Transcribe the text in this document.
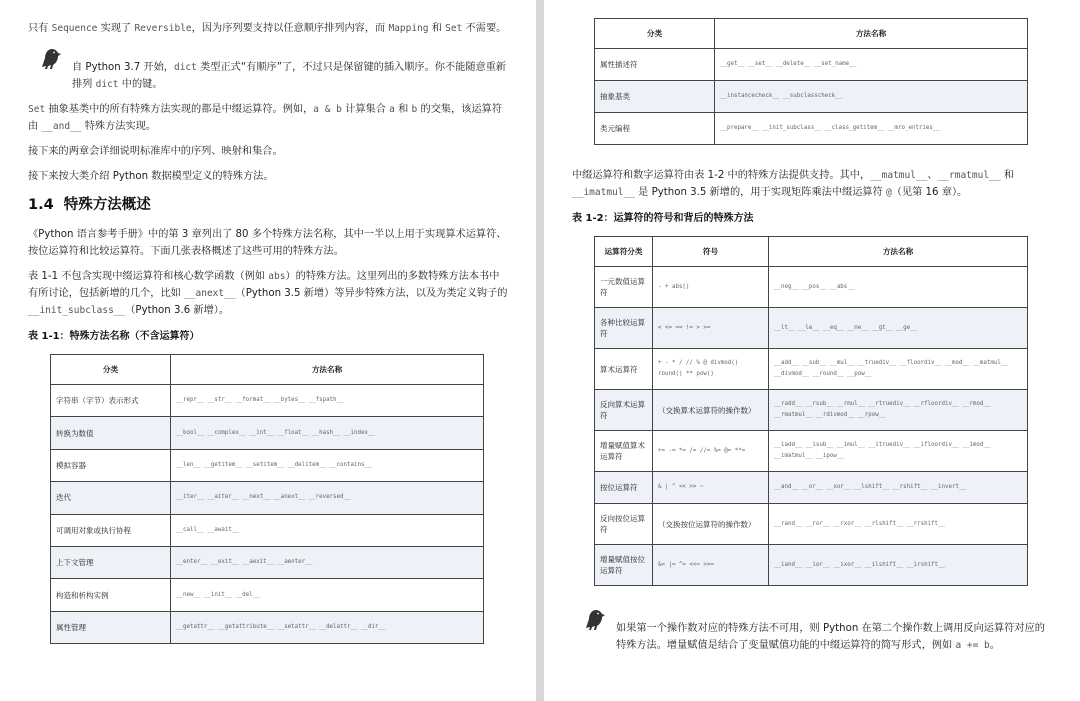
只有 Sequence 实现了 Reversible，因为序列要支持以任意顺序排列内容，而 Mapping 和 Set 不需要。

自 Python 3.7 开始，dict 类型正式“有顺序”了，不过只是保留键的插入顺序。你不能随意重新排列 dict 中的键。

Set 抽象基类中的所有特殊方法实现的都是中缀运算符。例如，a & b 计算集合 a 和 b 的交集，该运算符由 __and__ 特殊方法实现。

接下来的两章会详细说明标准库中的序列、映射和集合。

接下来按大类介绍 Python 数据模型定义的特殊方法。

1.4  特殊方法概述

《Python 语言参考手册》中的第 3 章列出了 80 多个特殊方法名称，其中一半以上用于实现算术运算符、按位运算符和比较运算符。下面几张表格概述了这些可用的特殊方法。

表 1-1 不包含实现中缀运算符和核心数学函数（例如 abs）的特殊方法。这里列出的多数特殊方法本书中有所讨论，包括新增的几个，比如 __anext__（Python 3.5 新增）等异步特殊方法，以及为类定义钩子的 __init_subclass__（Python 3.6 新增）。

表 1-1：特殊方法名称（不含运算符）
分类	方法名称
字符串（字节）表示形式	__repr__ __str__ __format__ __bytes__ __fspath__
转换为数值	__bool__ __complex__ __int__ __float__ __hash__ __index__
模拟容器	__len__ __getitem__ __setitem__ __delitem__ __contains__
迭代	__iter__ __aiter__ __next__ __anext__ __reversed__
可调用对象或执行协程	__call__ __await__
上下文管理	__enter__ __exit__ __aexit__ __aenter__
构造和析构实例	__new__ __init__ __del__
属性管理	__getattr__ __getattribute__ __setattr__ __delattr__ __dir__
分类	方法名称
属性描述符	__get__ __set__ __delete__ __set_name__
抽象基类	__instancecheck__ __subclasscheck__
类元编程	__prepare__ __init_subclass__ __class_getitem__ __mro_entries__

中缀运算符和数字运算符由表 1-2 中的特殊方法提供支持。其中，__matmul__、__rmatmul__ 和 __imatmul__ 是 Python 3.5 新增的，用于实现矩阵乘法中缀运算符 @（见第 16 章）。

表 1-2：运算符的符号和背后的特殊方法
运算符分类	符号	方法名称
一元数值运算符	- + abs()	__neg__ __pos__ __abs__
各种比较运算符	< <= == != > >=	__lt__ __le__ __eq__ __ne__ __gt__ __ge__
算术运算符	+ - * / // % @ divmod() round() ** pow()	__add__ __sub__ __mul__ __truediv__ __floordiv__ __mod__ __matmul__ __divmod__ __round__ __pow__
反向算术运算符	（交换算术运算符的操作数）	__radd__ __rsub__ __rmul__ __rtruediv__ __rfloordiv__ __rmod__ __rmatmul__ __rdivmod__ __rpow__
增量赋值算术运算符	+= -= *= /= //= %= @= **=	__iadd__ __isub__ __imul__ __itruediv__ __ifloordiv__ __imod__ __imatmul__ __ipow__
按位运算符	& | ^ << >> ~	__and__ __or__ __xor__ __lshift__ __rshift__ __invert__
反向按位运算符	（交换按位运算符的操作数）	__rand__ __ror__ __rxor__ __rlshift__ __rrshift__
增量赋值按位运算符	&= |= ^= <<= >>=	__iand__ __ior__ __ixor__ __ilshift__ __irshift__

如果第一个操作数对应的特殊方法不可用，则 Python 在第二个操作数上调用反向运算符对应的特殊方法。增量赋值是结合了变量赋值功能的中缀运算符的简写形式，例如 a += b。
